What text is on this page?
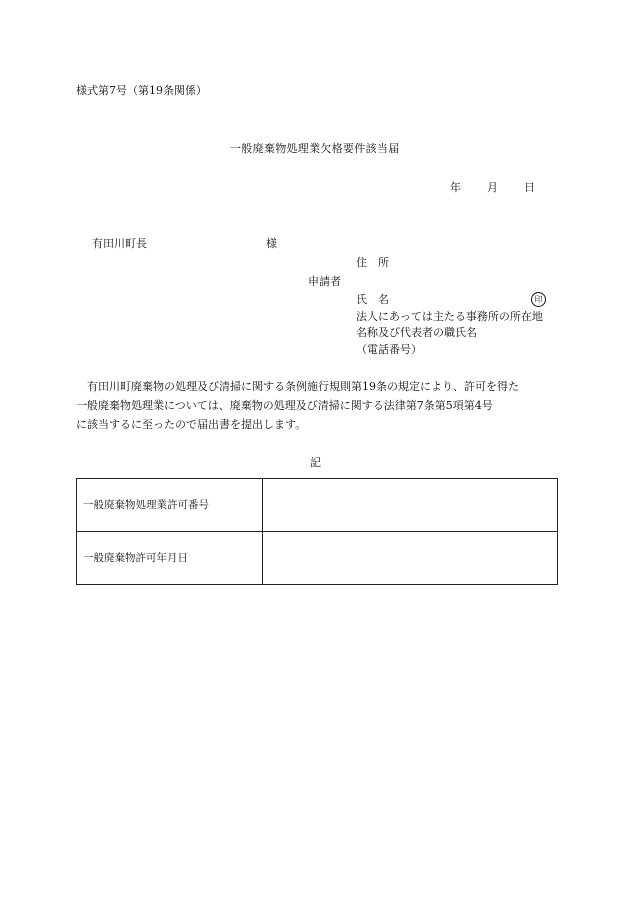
様式第7号（第19条関係）
一般廃棄物処理業欠格要件該当届
年 月 日
有田川町長	様
住　所
申請者
氏　名	印
法人にあっては主たる事務所の所在地
名称及び代表者の職氏名
（電話番号）
　有田川町廃棄物の処理及び清掃に関する条例施行規則第19条の規定により、許可を得た
一般廃棄物処理業については、廃棄物の処理及び清掃に関する法律第7条第5項第4号
に該当するに至ったので届出書を提出します。
記
一般廃棄物処理業許可番号	
一般廃棄物許可年月日	
